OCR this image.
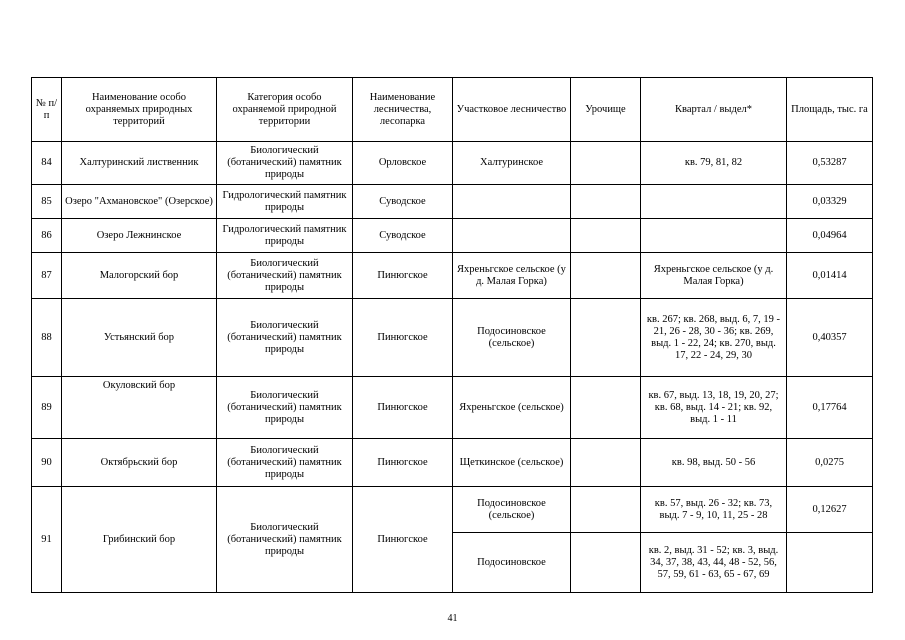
№ п/п	Наименование особо охраняемых природных территорий	Категория особо охраняемой природной территории	Наименование лесничества, лесопарка	Участковое лесничество	Урочище	Квартал / выдел*	Площадь, тыс. га
84	Халтуринский лиственник	Биологический (ботанический) памятник природы	Орловское	Халтуринское		кв. 79, 81, 82	0,53287
85	Озеро "Ахмановское" (Озерское)	Гидрологический памятник природы	Суводское				0,03329
86	Озеро Лежнинское	Гидрологический памятник природы	Суводское				0,04964
87	Малогорский бор	Биологический (ботанический) памятник природы	Пинюгское	Яхреньгское сельское (у д. Малая Горка)		Яхреньгское сельское (у д. Малая Горка)	0,01414
88	Устьянский бор	Биологический (ботанический) памятник природы	Пинюгское	Подосиновское (сельское)		кв. 267; кв. 268, выд. 6, 7, 19 - 21, 26 - 28, 30 - 36; кв. 269, выд. 1 - 22, 24; кв. 270, выд. 17, 22 - 24, 29, 30	0,40357
89	Окуловский бор	Биологический (ботанический) памятник природы	Пинюгское	Яхреньгское (сельское)		кв. 67, выд. 13, 18, 19, 20, 27; кв. 68, выд. 14 - 21; кв. 92, выд. 1 - 11	0,17764
90	Октябрьский бор	Биологический (ботанический) памятник природы	Пинюгское	Щеткинское (сельское)		кв. 98, выд. 50 - 56	0,0275
91	Грибинский бор	Биологический (ботанический) памятник природы	Пинюгское	Подосиновское (сельское)		кв. 57, выд. 26 - 32; кв. 73, выд. 7 - 9, 10, 11, 25 - 28	0,12627
				Подосиновское		кв. 2, выд. 31 - 52; кв. 3, выд. 34, 37, 38, 43, 44, 48 - 52, 56, 57, 59, 61 - 63, 65 - 67, 69	
41
